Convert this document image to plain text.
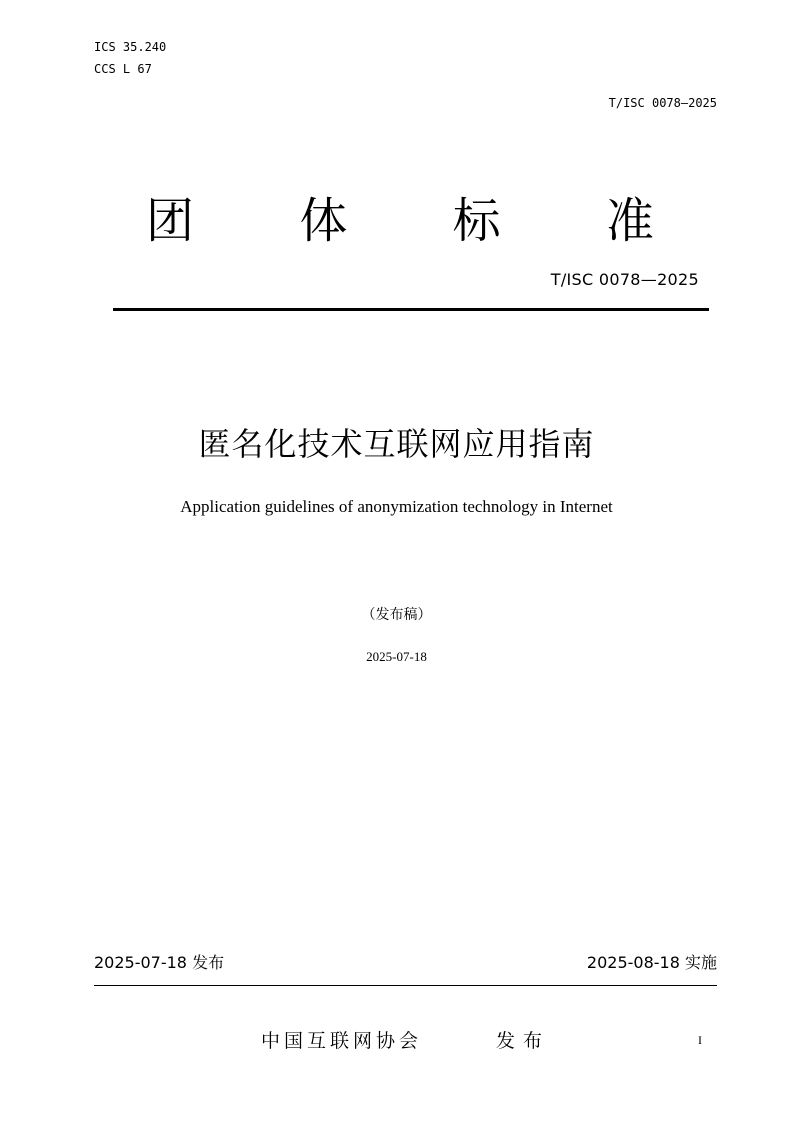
ICS 35.240
CCS L 67
T/ISC 0078—2025
团 体 标 准
T/ISC 0078—2025
匿名化技术互联网应用指南
Application guidelines of anonymization technology in Internet
（发布稿）
2025-07-18
2025-07-18 发布	2025-08-18 实施
中国互联网协会	发布	I
